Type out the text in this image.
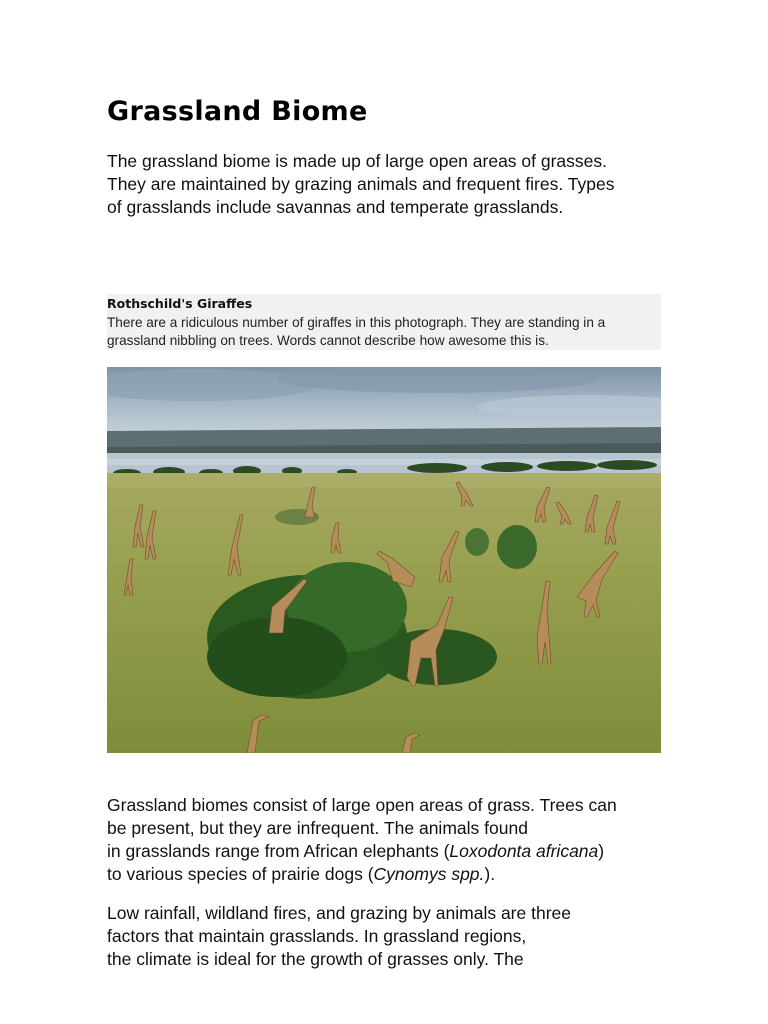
Grassland Biome

The grassland biome is made up of large open areas of grasses.
They are maintained by grazing animals and frequent fires. Types
of grasslands include savannas and temperate grasslands.

Rothschild's Giraffes
There are a ridiculous number of giraffes in this photograph. They are standing in a
grassland nibbling on trees. Words cannot describe how awesome this is.

Grassland biomes consist of large open areas of grass. Trees can
be present, but they are infrequent. The animals found
in grasslands range from African elephants (Loxodonta africana)
to various species of prairie dogs (Cynomys spp.).

Low rainfall, wildland fires, and grazing by animals are three
factors that maintain grasslands. In grassland regions,
the climate is ideal for the growth of grasses only. The
